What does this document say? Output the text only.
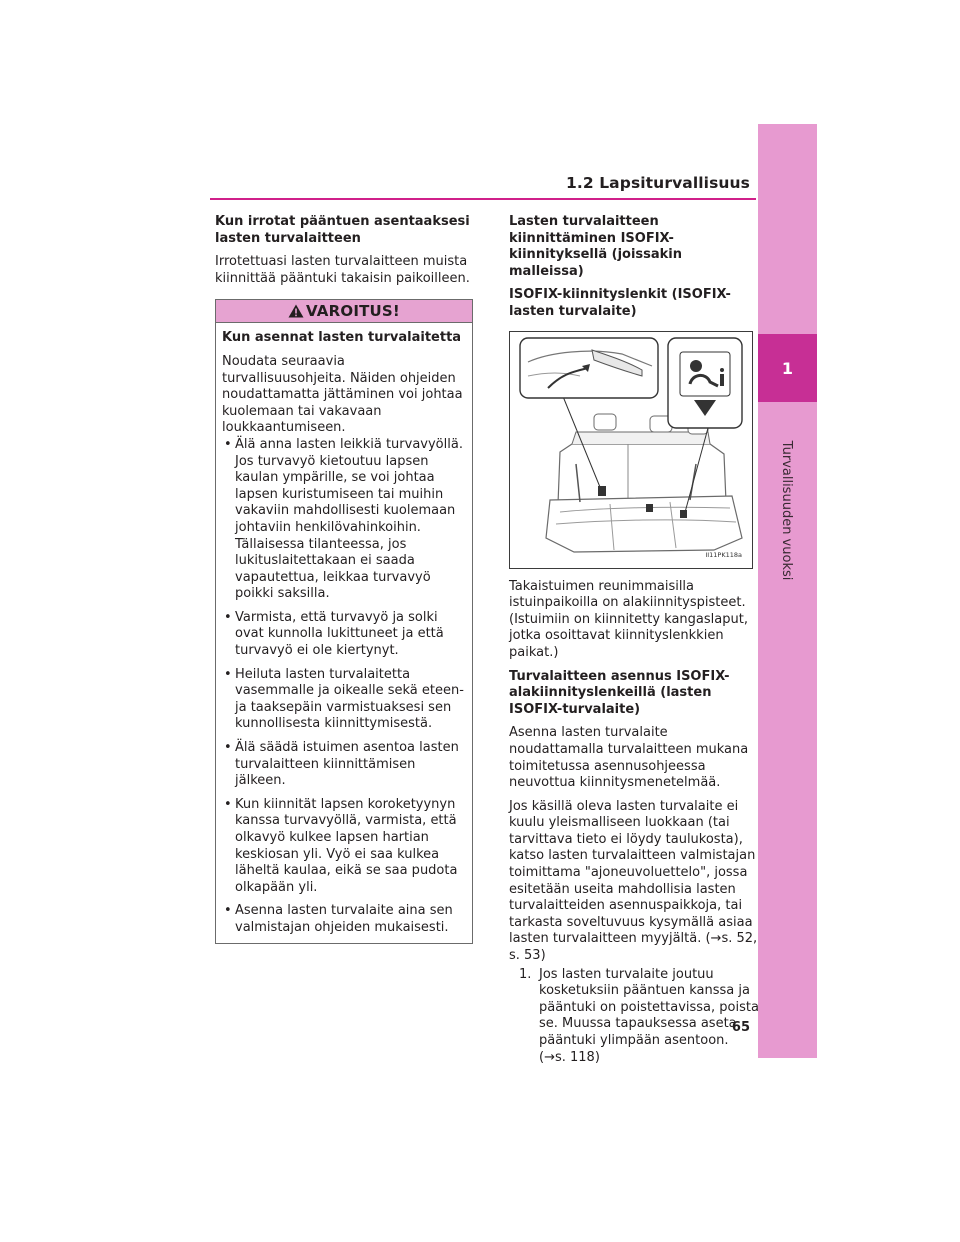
1.2 Lapsiturvallisuus
1
Turvallisuuden vuoksi
Kun irrotat pääntuen asentaaksesi lasten turvalaitteen

Irrotettuasi lasten turvalaitteen muista kiinnittää pääntuki takaisin paikoilleen.

VAROITUS!
Kun asennat lasten turvalaitetta

Noudata seuraavia turvallisuusohjeita. Näiden ohjeiden noudattamatta jättäminen voi johtaa kuolemaan tai vakavaan loukkaantumiseen.

• Älä anna lasten leikkiä turvavyöllä. Jos turvavyö kietoutuu lapsen kaulan ympärille, se voi johtaa lapsen kuristumiseen tai muihin vakaviin mahdollisesti kuolemaan johtaviin henkilövahinkoihin. Tällaisessa tilanteessa, jos lukituslaitettakaan ei saada vapautettua, leikkaa turvavyö poikki saksilla.
• Varmista, että turvavyö ja solki ovat kunnolla lukittuneet ja että turvavyö ei ole kiertynyt.
• Heiluta lasten turvalaitetta vasemmalle ja oikealle sekä eteen- ja taaksepäin varmistuaksesi sen kunnollisesta kiinnittymisestä.
• Älä säädä istuimen asentoa lasten turvalaitteen kiinnittämisen jälkeen.
• Kun kiinnität lapsen koroketyynyn kanssa turvavyöllä, varmista, että olkavyö kulkee lapsen hartian keskiosan yli. Vyö ei saa kulkea läheltä kaulaa, eikä se saa pudota olkapään yli.
• Asenna lasten turvalaite aina sen valmistajan ohjeiden mukaisesti.
Lasten turvalaitteen kiinnittäminen ISOFIX-kiinnityksellä (joissakin malleissa)
ISOFIX-kiinnityslenkit (ISOFIX- lasten turvalaite)
II11PK118a

Takaistuimen reunimmaisilla istuinpaikoilla on alakiinnityspisteet. (Istuimiin on kiinnitetty kangaslaput, jotka osoittavat kiinnityslenkkien paikat.)

Turvalaitteen asennus ISOFIX-alakiinnityslenkeillä (lasten ISOFIX-turvalaite)

Asenna lasten turvalaite noudattamalla turvalaitteen mukana toimitetussa asennusohjeessa neuvottua kiinnitysmenetelmää.

Jos käsillä oleva lasten turvalaite ei kuulu yleismalliseen luokkaan (tai tarvittava tieto ei löydy taulukosta), katso lasten turvalaitteen valmistajan toimittama "ajoneuvoluettelo", jossa esitetään useita mahdollisia lasten turvalaitteiden asennuspaikkoja, tai tarkasta soveltuvuus kysymällä asiaa lasten turvalaitteen myyjältä. (→s. 52, s. 53)

1. Jos lasten turvalaite joutuu kosketuksiin pääntuen kanssa ja pääntuki on poistettavissa, poista se. Muussa tapauksessa aseta pääntuki ylimpään asentoon. (→s. 118)
65
